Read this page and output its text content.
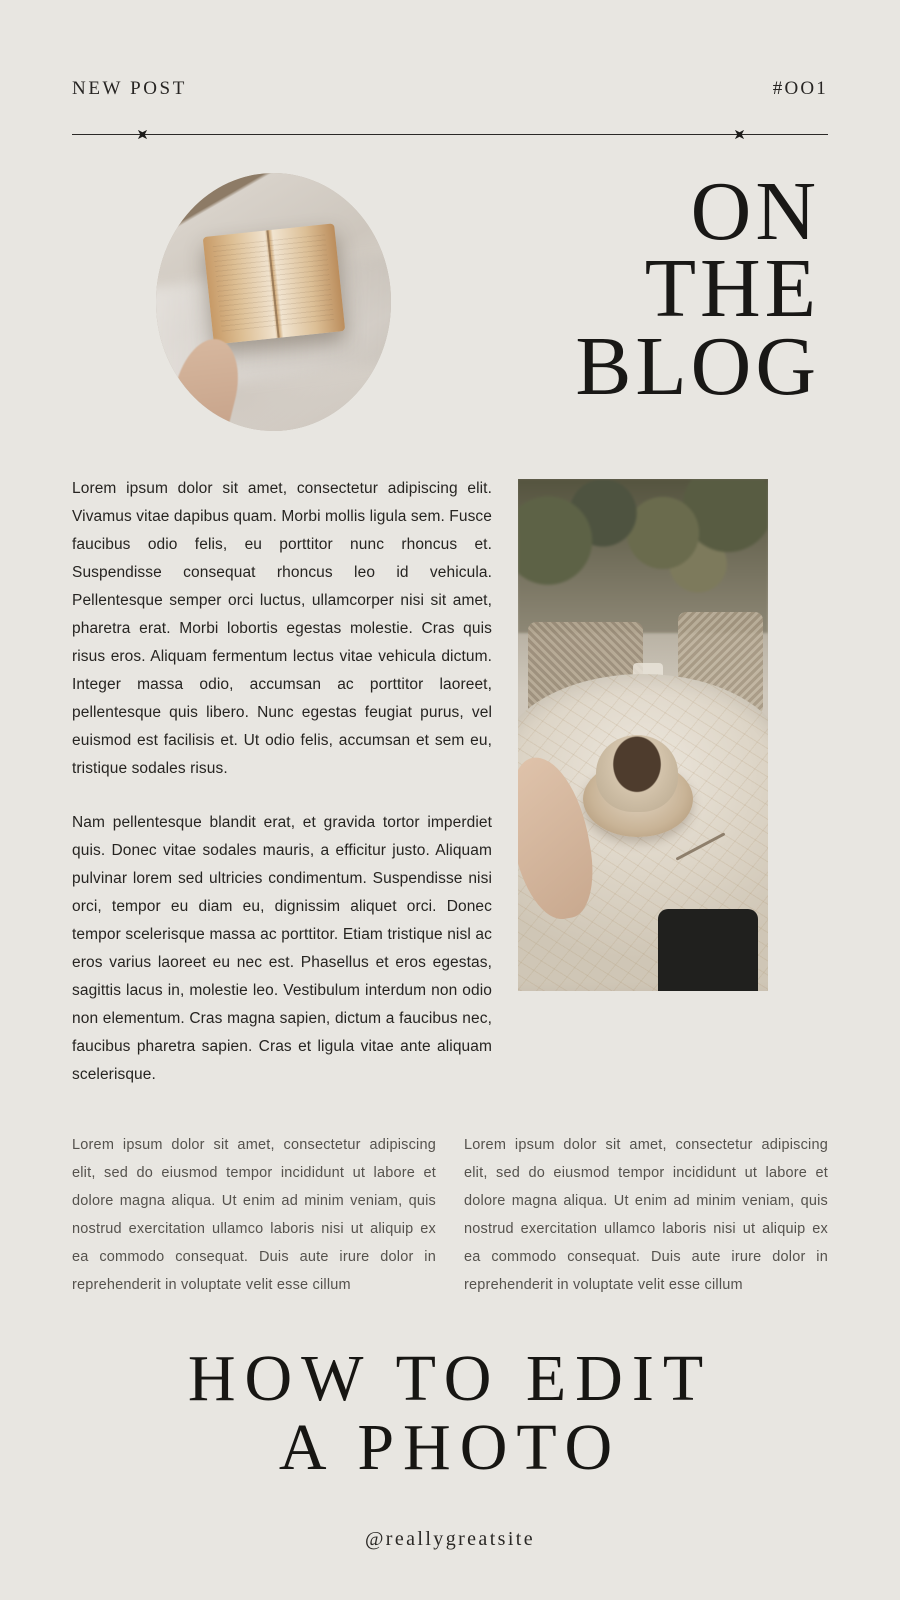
NEW POST	#OO1
ON
THE
BLOG

Lorem ipsum dolor sit amet, consectetur adipiscing elit. Vivamus vitae dapibus quam. Morbi mollis ligula sem. Fusce faucibus odio felis, eu porttitor nunc rhoncus et. Suspendisse consequat rhoncus leo id vehicula. Pellentesque semper orci luctus, ullamcorper nisi sit amet, pharetra erat. Morbi lobortis egestas molestie. Cras quis risus eros. Aliquam fermentum lectus vitae vehicula dictum. Integer massa odio, accumsan ac porttitor laoreet, pellentesque quis libero. Nunc egestas feugiat purus, vel euismod est facilisis et. Ut odio felis, accumsan et sem eu, tristique sodales risus.

Nam pellentesque blandit erat, et gravida tortor imperdiet quis. Donec vitae sodales mauris, a efficitur justo. Aliquam pulvinar lorem sed ultricies condimentum. Suspendisse nisi orci, tempor eu diam eu, dignissim aliquet orci. Donec tempor scelerisque massa ac porttitor. Etiam tristique nisl ac eros varius laoreet eu nec est. Phasellus et eros egestas, sagittis lacus in, molestie leo. Vestibulum interdum non odio non elementum. Cras magna sapien, dictum a faucibus nec, faucibus pharetra sapien. Cras et ligula vitae ante aliquam scelerisque.

Lorem ipsum dolor sit amet, consectetur adipiscing elit, sed do eiusmod tempor incididunt ut labore et dolore magna aliqua. Ut enim ad minim veniam, quis nostrud exercitation ullamco laboris nisi ut aliquip ex ea commodo consequat. Duis aute irure dolor in reprehenderit in voluptate velit esse cillum

Lorem ipsum dolor sit amet, consectetur adipiscing elit, sed do eiusmod tempor incididunt ut labore et dolore magna aliqua. Ut enim ad minim veniam, quis nostrud exercitation ullamco laboris nisi ut aliquip ex ea commodo consequat. Duis aute irure dolor in reprehenderit in voluptate velit esse cillum

HOW TO EDIT
A PHOTO
@reallygreatsite
